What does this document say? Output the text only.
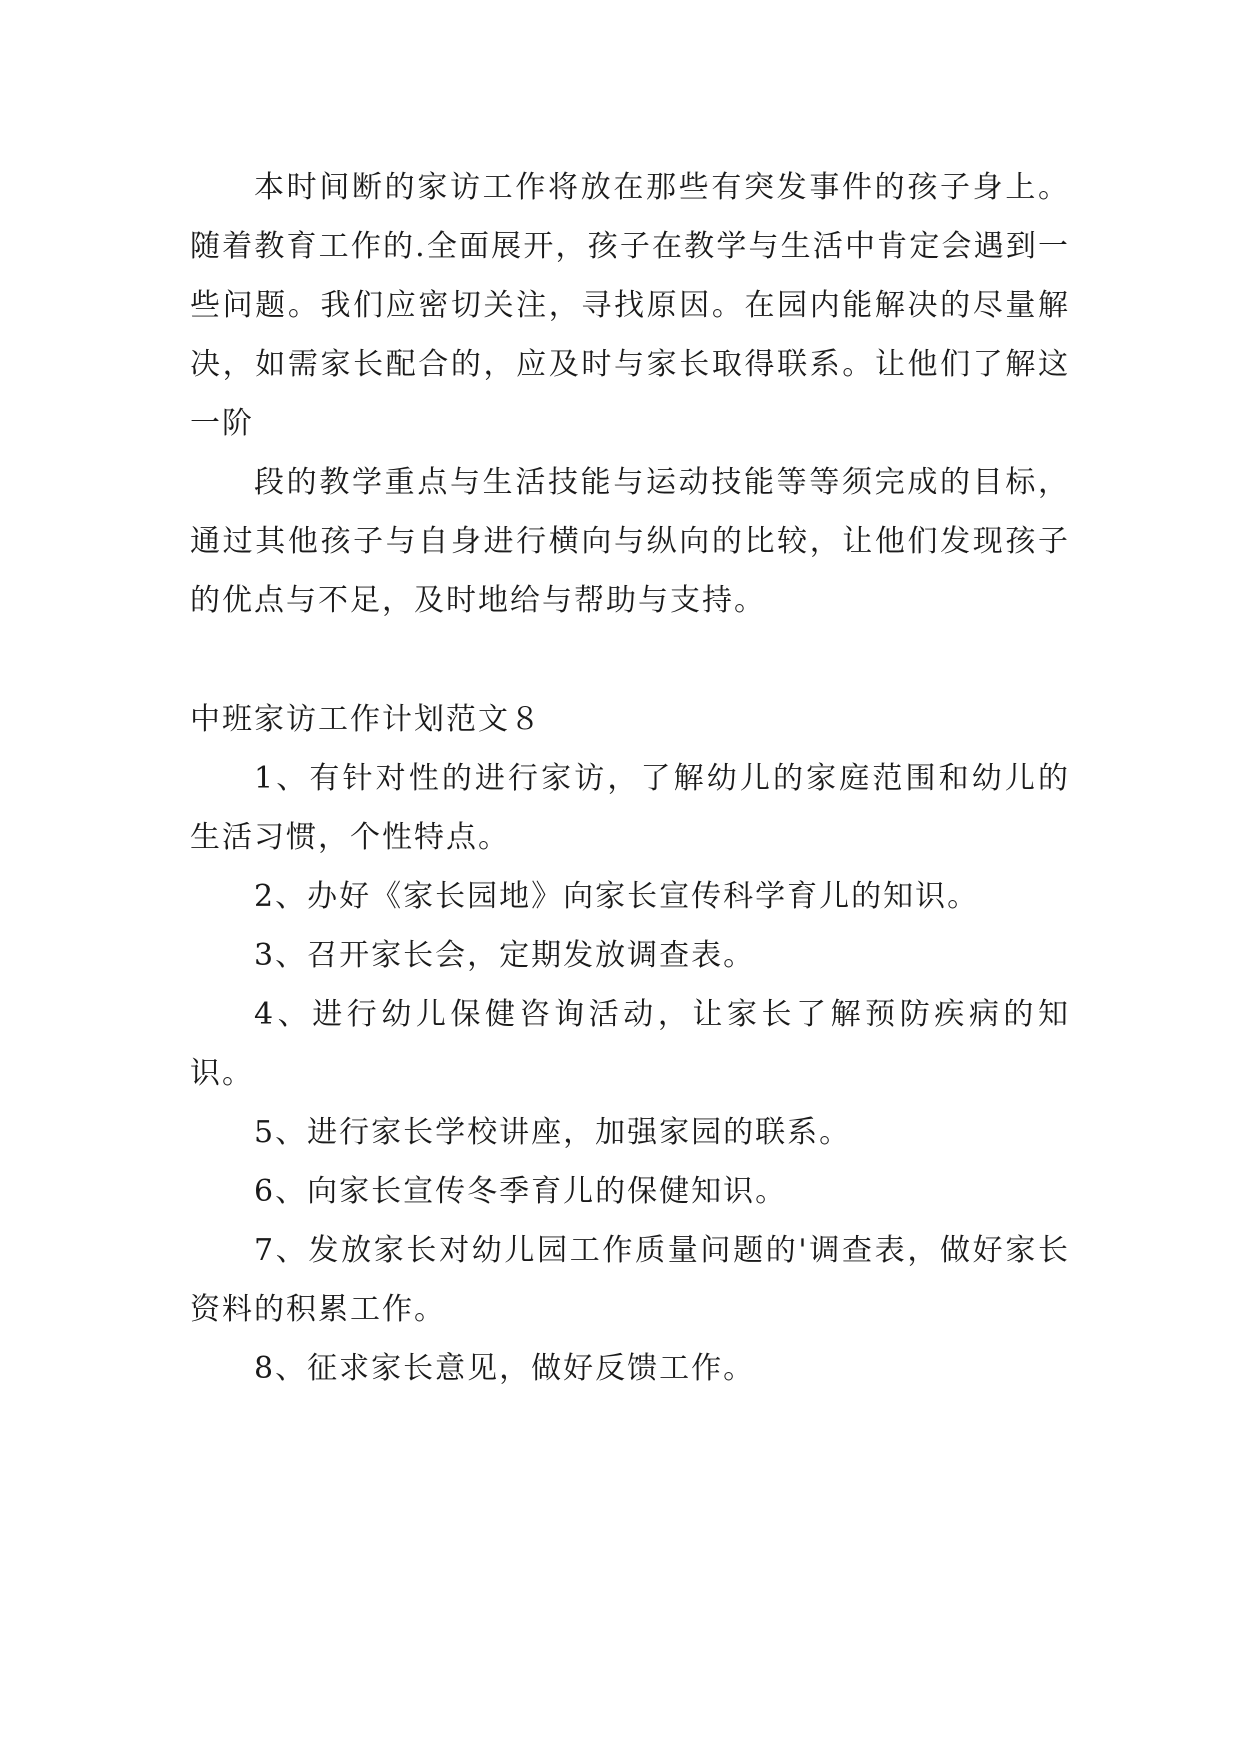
本时间断的家访工作将放在那些有突发事件的孩子身上。随着教育工作的.全面展开，孩子在教学与生活中肯定会遇到一些问题。我们应密切关注，寻找原因。在园内能解决的尽量解决，如需家长配合的，应及时与家长取得联系。让他们了解这一阶

段的教学重点与生活技能与运动技能等等须完成的目标，通过其他孩子与自身进行横向与纵向的比较，让他们发现孩子的优点与不足，及时地给与帮助与支持。

中班家访工作计划范文８

1、有针对性的进行家访，了解幼儿的家庭范围和幼儿的生活习惯，个性特点。

2、办好《家长园地》向家长宣传科学育儿的知识。

3、召开家长会，定期发放调查表。

4、进行幼儿保健咨询活动，让家长了解预防疾病的知识。

5、进行家长学校讲座，加强家园的联系。

6、向家长宣传冬季育儿的保健知识。

7、发放家长对幼儿园工作质量问题的'调查表，做好家长资料的积累工作。

8、征求家长意见，做好反馈工作。
